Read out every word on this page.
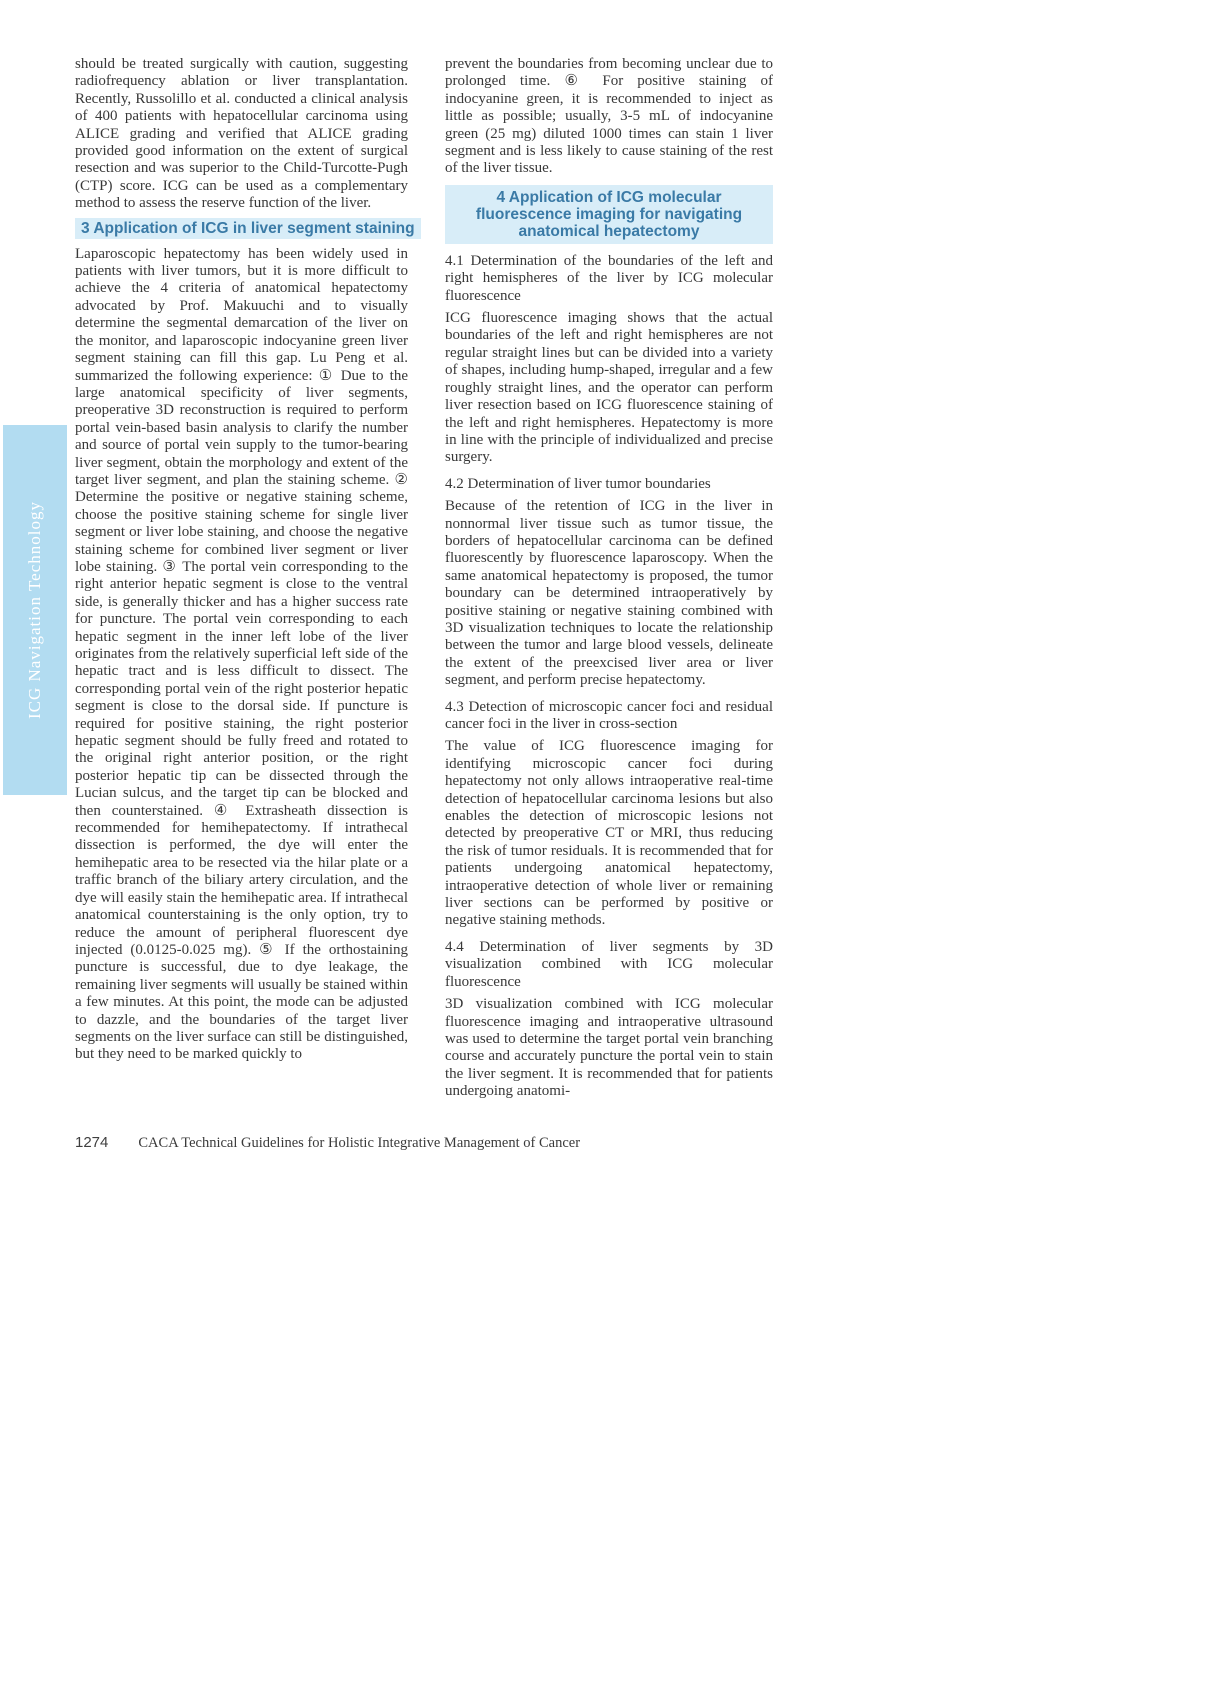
ICG Navigation Technology

should be treated surgically with caution, suggesting radiofrequency ablation or liver transplantation. Recently, Russolillo et al. conducted a clinical analysis of 400 patients with hepatocellular carcinoma using ALICE grading and verified that ALICE grading provided good information on the extent of surgical resection and was superior to the Child-Turcotte-Pugh (CTP) score. ICG can be used as a complementary method to assess the reserve function of the liver.

3 Application of ICG in liver segment staining

Laparoscopic hepatectomy has been widely used in patients with liver tumors, but it is more difficult to achieve the 4 criteria of anatomical hepatectomy advocated by Prof. Makuuchi and to visually determine the segmental demarcation of the liver on the monitor, and laparoscopic indocyanine green liver segment staining can fill this gap. Lu Peng et al. summarized the following experience: ① Due to the large anatomical specificity of liver segments, preoperative 3D reconstruction is required to perform portal vein-based basin analysis to clarify the number and source of portal vein supply to the tumor-bearing liver segment, obtain the morphology and extent of the target liver segment, and plan the staining scheme. ② Determine the positive or negative staining scheme, choose the positive staining scheme for single liver segment or liver lobe staining, and choose the negative staining scheme for combined liver segment or liver lobe staining. ③ The portal vein corresponding to the right anterior hepatic segment is close to the ventral side, is generally thicker and has a higher success rate for puncture. The portal vein corresponding to each hepatic segment in the inner left lobe of the liver originates from the relatively superficial left side of the hepatic tract and is less difficult to dissect. The corresponding portal vein of the right posterior hepatic segment is close to the dorsal side. If puncture is required for positive staining, the right posterior hepatic segment should be fully freed and rotated to the original right anterior position, or the right posterior hepatic tip can be dissected through the Lucian sulcus, and the target tip can be blocked and then counterstained. ④ Extrasheath dissection is recommended for hemihepatectomy. If intrathecal dissection is performed, the dye will enter the hemihepatic area to be resected via the hilar plate or a traffic branch of the biliary artery circulation, and the dye will easily stain the hemihepatic area. If intrathecal anatomical counterstaining is the only option, try to reduce the amount of peripheral fluorescent dye injected (0.0125-0.025 mg). ⑤ If the orthostaining puncture is successful, due to dye leakage, the remaining liver segments will usually be stained within a few minutes. At this point, the mode can be adjusted to dazzle, and the boundaries of the target liver segments on the liver surface can still be distinguished, but they need to be marked quickly to

prevent the boundaries from becoming unclear due to prolonged time. ⑥ For positive staining of indocyanine green, it is recommended to inject as little as possible; usually, 3-5 mL of indocyanine green (25 mg) diluted 1000 times can stain 1 liver segment and is less likely to cause staining of the rest of the liver tissue.

4 Application of ICG molecular fluorescence imaging for navigating anatomical hepatectomy

4.1 Determination of the boundaries of the left and right hemispheres of the liver by ICG molecular fluorescence

ICG fluorescence imaging shows that the actual boundaries of the left and right hemispheres are not regular straight lines but can be divided into a variety of shapes, including hump-shaped, irregular and a few roughly straight lines, and the operator can perform liver resection based on ICG fluorescence staining of the left and right hemispheres. Hepatectomy is more in line with the principle of individualized and precise surgery.

4.2 Determination of liver tumor boundaries

Because of the retention of ICG in the liver in nonnormal liver tissue such as tumor tissue, the borders of hepatocellular carcinoma can be defined fluorescently by fluorescence laparoscopy. When the same anatomical hepatectomy is proposed, the tumor boundary can be determined intraoperatively by positive staining or negative staining combined with 3D visualization techniques to locate the relationship between the tumor and large blood vessels, delineate the extent of the preexcised liver area or liver segment, and perform precise hepatectomy.

4.3 Detection of microscopic cancer foci and residual cancer foci in the liver in cross-section

The value of ICG fluorescence imaging for identifying microscopic cancer foci during hepatectomy not only allows intraoperative real-time detection of hepatocellular carcinoma lesions but also enables the detection of microscopic lesions not detected by preoperative CT or MRI, thus reducing the risk of tumor residuals. It is recommended that for patients undergoing anatomical hepatectomy, intraoperative detection of whole liver or remaining liver sections can be performed by positive or negative staining methods.

4.4 Determination of liver segments by 3D visualization combined with ICG molecular fluorescence

3D visualization combined with ICG molecular fluorescence imaging and intraoperative ultrasound was used to determine the target portal vein branching course and accurately puncture the portal vein to stain the liver segment. It is recommended that for patients undergoing anatomi-

1274 CACA Technical Guidelines for Holistic Integrative Management of Cancer
